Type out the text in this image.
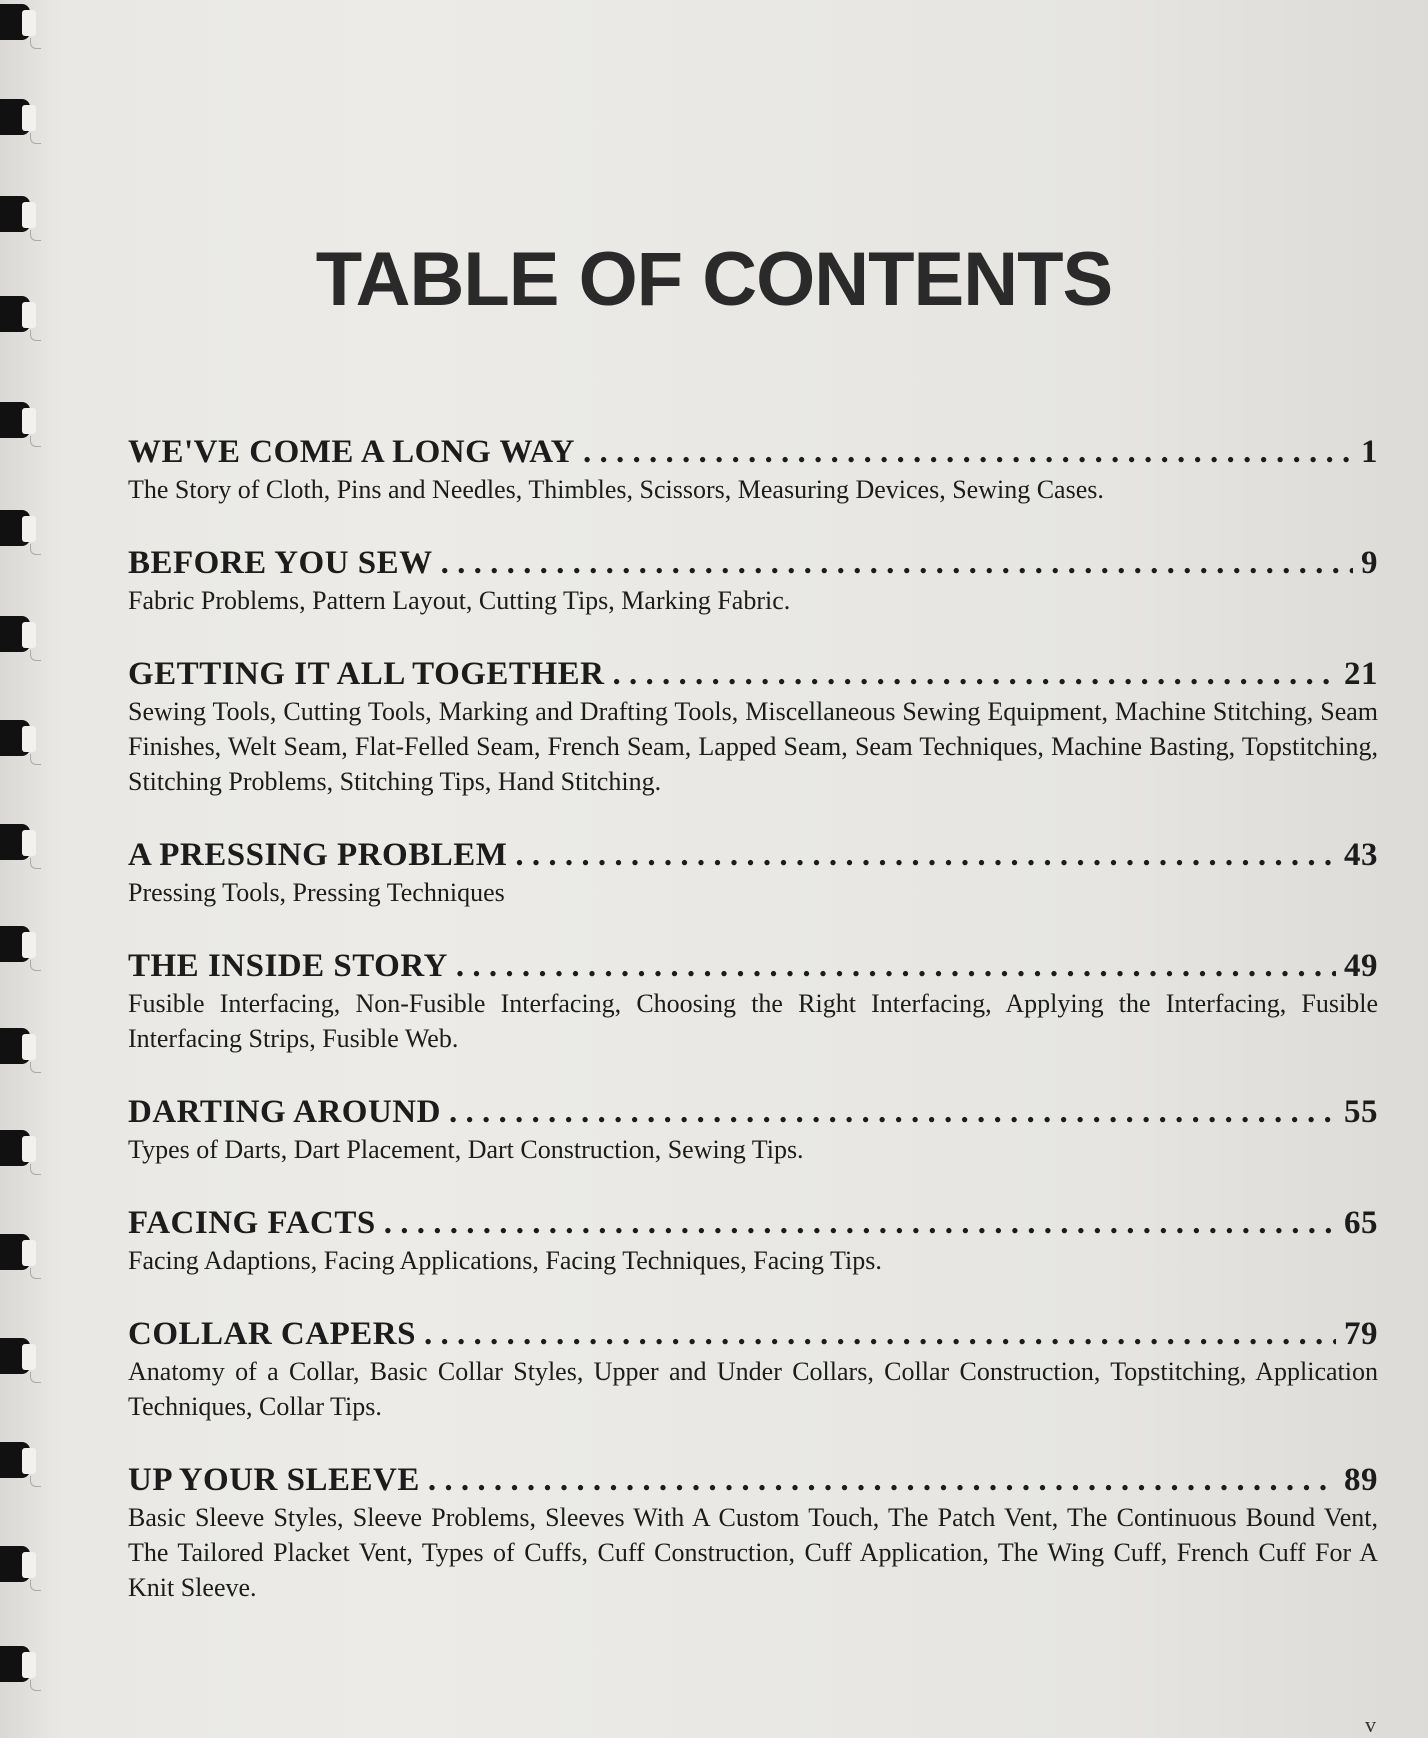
TABLE OF CONTENTS
WE'VE COME A LONG WAY . . .	1
The Story of Cloth, Pins and Needles, Thimbles, Scissors, Measuring Devices, Sewing Cases.
BEFORE YOU SEW . . .	9
Fabric Problems, Pattern Layout, Cutting Tips, Marking Fabric.
GETTING IT ALL TOGETHER . . .	21
Sewing Tools, Cutting Tools, Marking and Drafting Tools, Miscellaneous Sewing Equipment, Machine Stitching, Seam Finishes, Welt Seam, Flat-Felled Seam, French Seam, Lapped Seam, Seam Techniques, Machine Basting, Topstitching, Stitching Problems, Stitching Tips, Hand Stitching.
A PRESSING PROBLEM . . .	43
Pressing Tools, Pressing Techniques
THE INSIDE STORY . . .	49
Fusible Interfacing, Non-Fusible Interfacing, Choosing the Right Interfacing, Applying the Interfacing, Fusible Interfacing Strips, Fusible Web.
DARTING AROUND . . .	55
Types of Darts, Dart Placement, Dart Construction, Sewing Tips.
FACING FACTS . . .	65
Facing Adaptions, Facing Applications, Facing Techniques, Facing Tips.
COLLAR CAPERS . . .	79
Anatomy of a Collar, Basic Collar Styles, Upper and Under Collars, Collar Construction, Topstitching, Application Techniques, Collar Tips.
UP YOUR SLEEVE . . .	89
Basic Sleeve Styles, Sleeve Problems, Sleeves With A Custom Touch, The Patch Vent, The Continuous Bound Vent, The Tailored Placket Vent, Types of Cuffs, Cuff Construction, Cuff Application, The Wing Cuff, French Cuff For A Knit Sleeve.
v
